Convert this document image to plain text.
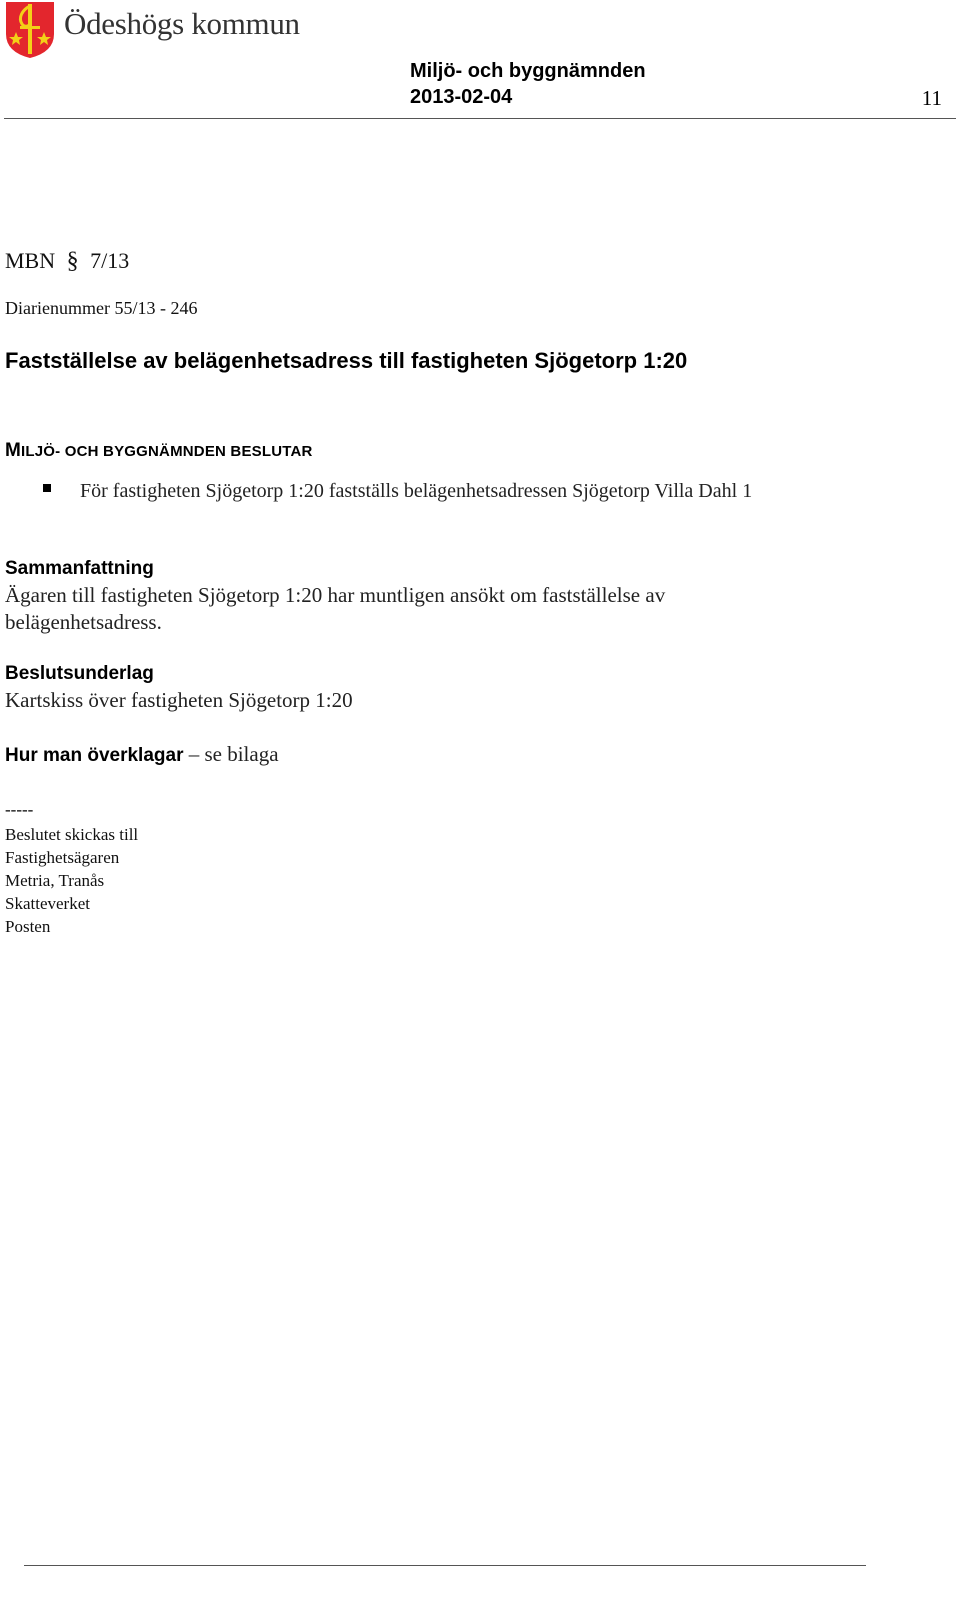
Ödeshögs kommun
Miljö- och byggnämnden
2013-02-04	11
MBN § 7/13
Diarienummer 55/13 - 246
Fastställelse av belägenhetsadress till fastigheten Sjögetorp 1:20
MILJÖ- OCH BYGGNÄMNDEN BESLUTAR
För fastigheten Sjögetorp 1:20 fastställs belägenhetsadressen Sjögetorp Villa Dahl 1
Sammanfattning
Ägaren till fastigheten Sjögetorp 1:20 har muntligen ansökt om fastställelse av belägenhetsadress.
Beslutsunderlag
Kartskiss över fastigheten Sjögetorp 1:20
Hur man överklagar – se bilaga
-----
Beslutet skickas till
Fastighetsägaren
Metria, Tranås
Skatteverket
Posten
